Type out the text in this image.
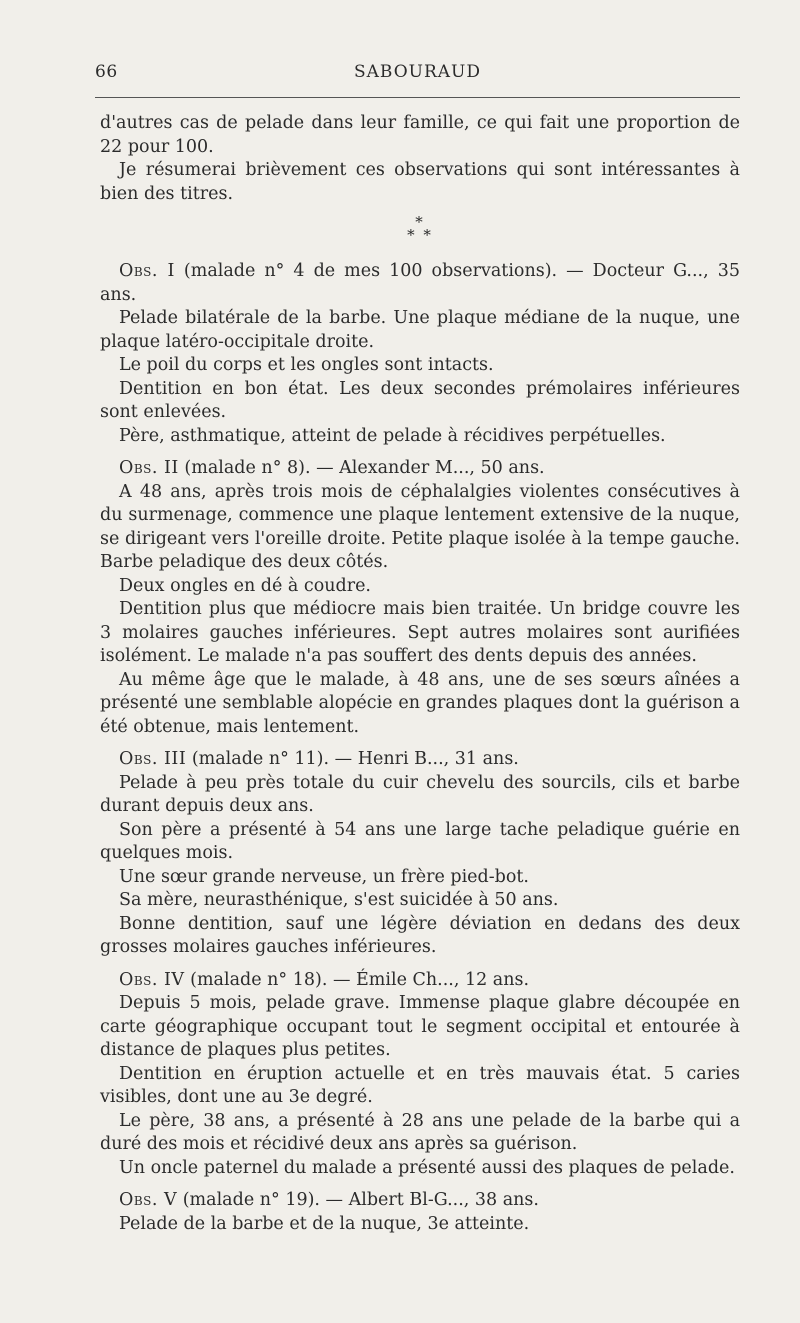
66	SABOURAUD

d'autres cas de pelade dans leur famille, ce qui fait une proportion de 22 pour 100.

Je résumerai brièvement ces observations qui sont intéressantes à bien des titres.

*
* *

Obs. I (malade n° 4 de mes 100 observations). — Docteur G..., 35 ans.

Pelade bilatérale de la barbe. Une plaque médiane de la nuque, une plaque latéro-occipitale droite.

Le poil du corps et les ongles sont intacts.

Dentition en bon état. Les deux secondes prémolaires inférieures sont enlevées.

Père, asthmatique, atteint de pelade à récidives perpétuelles.

Obs. II (malade n° 8). — Alexander M..., 50 ans.

A 48 ans, après trois mois de céphalalgies violentes consécutives à du surmenage, commence une plaque lentement extensive de la nuque, se dirigeant vers l'oreille droite. Petite plaque isolée à la tempe gauche. Barbe peladique des deux côtés.

Deux ongles en dé à coudre.

Dentition plus que médiocre mais bien traitée. Un bridge couvre les 3 molaires gauches inférieures. Sept autres molaires sont aurifiées isolément. Le malade n'a pas souffert des dents depuis des années.

Au même âge que le malade, à 48 ans, une de ses sœurs aînées a présenté une semblable alopécie en grandes plaques dont la guérison a été obtenue, mais lentement.

Obs. III (malade n° 11). — Henri B..., 31 ans.

Pelade à peu près totale du cuir chevelu des sourcils, cils et barbe durant depuis deux ans.

Son père a présenté à 54 ans une large tache peladique guérie en quelques mois.

Une sœur grande nerveuse, un frère pied-bot.

Sa mère, neurasthénique, s'est suicidée à 50 ans.

Bonne dentition, sauf une légère déviation en dedans des deux grosses molaires gauches inférieures.

Obs. IV (malade n° 18). — Émile Ch..., 12 ans.

Depuis 5 mois, pelade grave. Immense plaque glabre découpée en carte géographique occupant tout le segment occipital et entourée à distance de plaques plus petites.

Dentition en éruption actuelle et en très mauvais état. 5 caries visibles, dont une au 3e degré.

Le père, 38 ans, a présenté à 28 ans une pelade de la barbe qui a duré des mois et récidivé deux ans après sa guérison.

Un oncle paternel du malade a présenté aussi des plaques de pelade.

Obs. V (malade n° 19). — Albert Bl-G..., 38 ans.

Pelade de la barbe et de la nuque, 3e atteinte.
